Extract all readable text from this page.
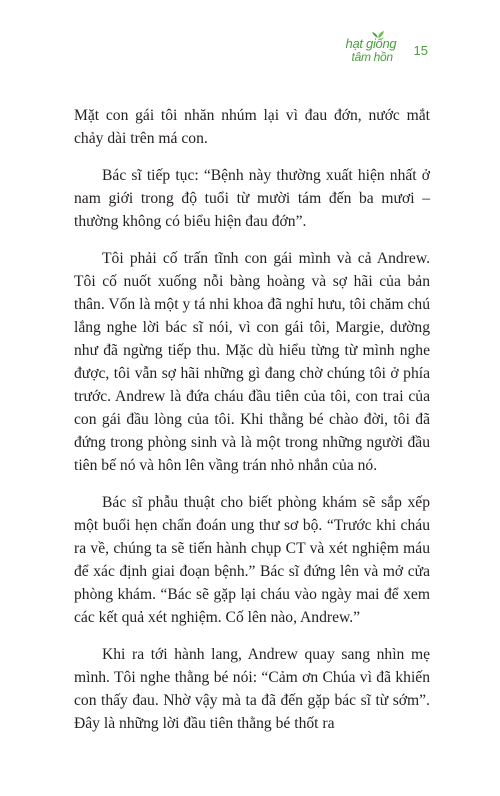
hạt giống
tâm hồn 15

Mặt con gái tôi nhăn nhúm lại vì đau đớn, nước mắt chảy dài trên má con.

Bác sĩ tiếp tục: “Bệnh này thường xuất hiện nhất ở nam giới trong độ tuổi từ mười tám đến ba mươi – thường không có biểu hiện đau đớn”.

Tôi phải cố trấn tĩnh con gái mình và cả Andrew. Tôi cố nuốt xuống nỗi bàng hoàng và sợ hãi của bản thân. Vốn là một y tá nhi khoa đã nghỉ hưu, tôi chăm chú lắng nghe lời bác sĩ nói, vì con gái tôi, Margie, dường như đã ngừng tiếp thu. Mặc dù hiểu từng từ mình nghe được, tôi vẫn sợ hãi những gì đang chờ chúng tôi ở phía trước. Andrew là đứa cháu đầu tiên của tôi, con trai của con gái đầu lòng của tôi. Khi thằng bé chào đời, tôi đã đứng trong phòng sinh và là một trong những người đầu tiên bế nó và hôn lên vầng trán nhỏ nhắn của nó.

Bác sĩ phẫu thuật cho biết phòng khám sẽ sắp xếp một buổi hẹn chẩn đoán ung thư sơ bộ. “Trước khi cháu ra về, chúng ta sẽ tiến hành chụp CT và xét nghiệm máu để xác định giai đoạn bệnh.” Bác sĩ đứng lên và mở cửa phòng khám. “Bác sẽ gặp lại cháu vào ngày mai để xem các kết quả xét nghiệm. Cố lên nào, Andrew.”

Khi ra tới hành lang, Andrew quay sang nhìn mẹ mình. Tôi nghe thằng bé nói: “Cảm ơn Chúa vì đã khiến con thấy đau. Nhờ vậy mà ta đã đến gặp bác sĩ từ sớm”. Đây là những lời đầu tiên thằng bé thốt ra
